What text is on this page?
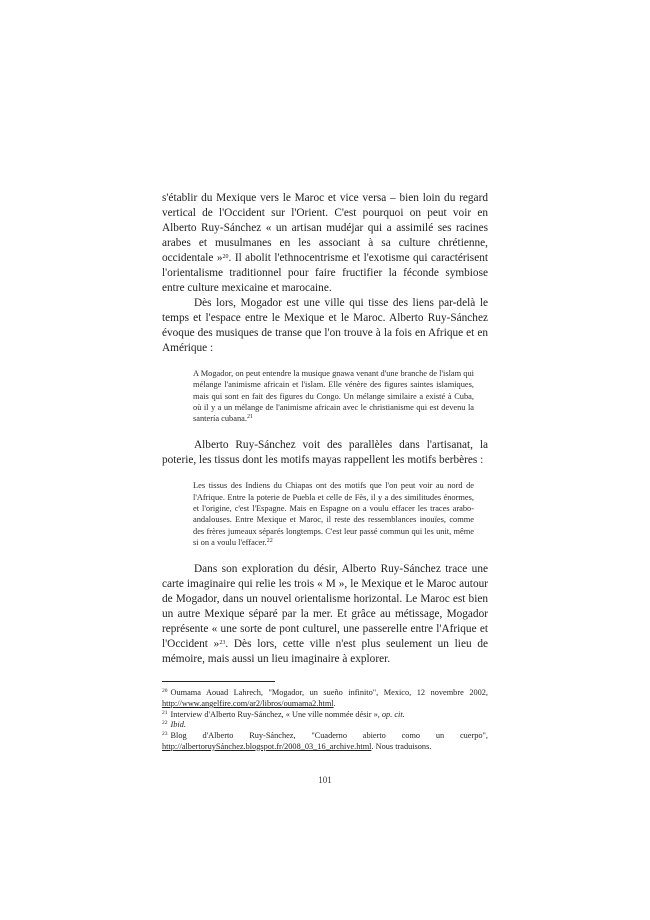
s'établir du Mexique vers le Maroc et vice versa – bien loin du regard vertical de l'Occident sur l'Orient. C'est pourquoi on peut voir en Alberto Ruy-Sánchez « un artisan mudéjar qui a assimilé ses racines arabes et musulmanes en les associant à sa culture chrétienne, occidentale »$^{20}$. Il abolit l'ethnocentrisme et l'exotisme qui caractérisent l'orientalisme traditionnel pour faire fructifier la féconde symbiose entre culture mexicaine et marocaine.

Dès lors, Mogador est une ville qui tisse des liens par-delà le temps et l'espace entre le Mexique et le Maroc. Alberto Ruy-Sánchez évoque des musiques de transe que l'on trouve à la fois en Afrique et en Amérique :

A Mogador, on peut entendre la musique gnawa venant d'une branche de l'islam qui mélange l'animisme africain et l'islam. Elle vénère des figures saintes islamiques, mais qui sont en fait des figures du Congo. Un mélange similaire a existé à Cuba, où il y a un mélange de l'animisme africain avec le christianisme qui est devenu la santería cubana.$^{21}$

Alberto Ruy-Sánchez voit des parallèles dans l'artisanat, la poterie, les tissus dont les motifs mayas rappellent les motifs berbères :

Les tissus des Indiens du Chiapas ont des motifs que l'on peut voir au nord de l'Afrique. Entre la poterie de Puebla et celle de Fès, il y a des similitudes énormes, et l'origine, c'est l'Espagne. Mais en Espagne on a voulu effacer les traces arabo-andalouses. Entre Mexique et Maroc, il reste des ressemblances inouïes, comme des frères jumeaux séparés longtemps. C'est leur passé commun qui les unit, même si on a voulu l'effacer.$^{22}$

Dans son exploration du désir, Alberto Ruy-Sánchez trace une carte imaginaire qui relie les trois « M », le Mexique et le Maroc autour de Mogador, dans un nouvel orientalisme horizontal. Le Maroc est bien un autre Mexique séparé par la mer. Et grâce au métissage, Mogador représente « une sorte de pont culturel, une passerelle entre l'Afrique et l'Occident »$^{23}$. Dès lors, cette ville n'est plus seulement un lieu de mémoire, mais aussi un lieu imaginaire à explorer.

$^{20}$ Oumama Aouad Lahrech, "Mogador, un sueño infinito", Mexico, 12 novembre 2002, http://www.angelfire.com/ar2/libros/oumama2.html.
$^{21}$ Interview d'Alberto Ruy-Sánchez, « Une ville nommée désir », op. cit.
$^{22}$ Ibid.
$^{23}$ Blog d'Alberto Ruy-Sánchez, "Cuaderno abierto como un cuerpo", http://albertoruySánchez.blogspot.fr/2008_03_16_archive.html. Nous traduisons.
101
